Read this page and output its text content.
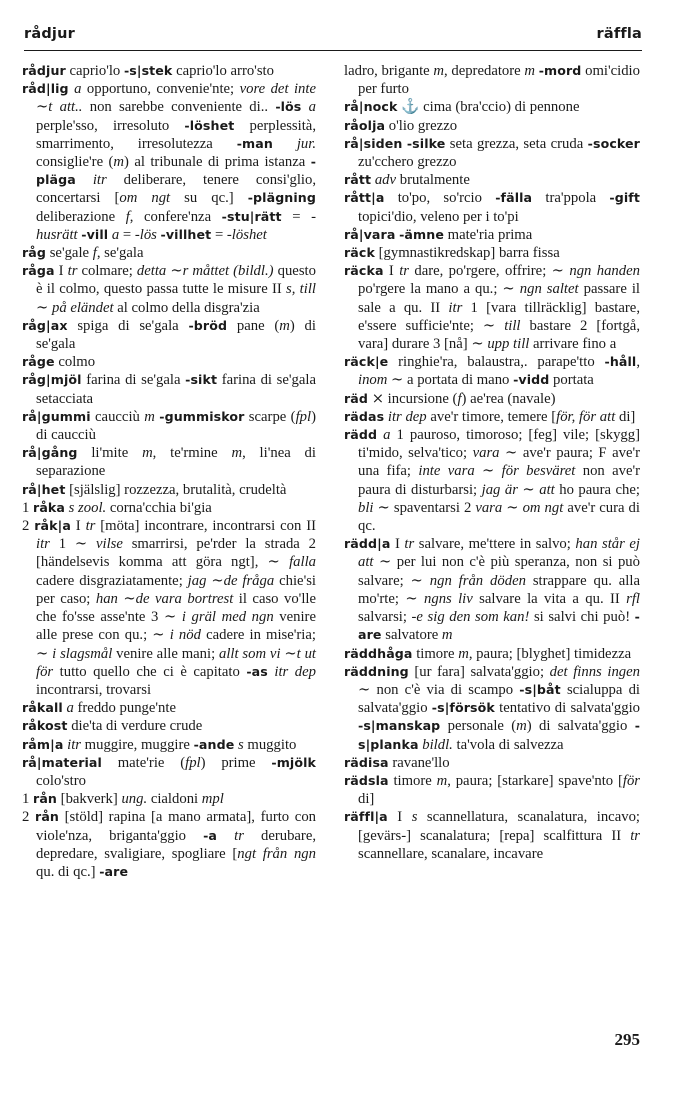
rådjur	räffla

rådjur caprio'lo -s|stek caprio'lo arro'sto

råd|lig a opportuno, convenie'nte; vore det inte ∼t att.. non sarebbe conveniente di.. -lös a perple'sso, irresoluto -löshet perplessità, smarrimento, irresolutezza -man jur. consiglie're (m) al tribunale di prima istanza -pläga itr deliberare, tenere consi'glio, concertarsi [om ngt su qc.] -plägning deliberazione f, confere'nza -stu|rätt = -husrätt -vill a = -lös -villhet = -löshet

råg se'gale f, se'gala

råga I tr colmare; detta ∼r måttet (bildl.) questo è il colmo, questo passa tutte le misure II s, till ∼ på eländet al colmo della disgra'zia

råg|ax spiga di se'gala -bröd pane (m) di se'gala

råge colmo

råg|mjöl farina di se'gala -sikt farina di se'gala setacciata

rå|gummi caucciù m -gummiskor scarpe (fpl) di caucciù

rå|gång li'mite m, te'rmine m, li'nea di separazione

rå|het [själslig] rozzezza, brutalità, crudeltà

1 råka s zool. corna'cchia bi'gia

2 råk|a I tr [möta] incontrare, incontrarsi con II itr 1 ∼ vilse smarrirsi, pe'rder la strada 2 [händelsevis komma att göra ngt], ∼ falla cadere disgraziatamente; jag ∼de fråga chie'si per caso; han ∼de vara bortrest il caso vo'lle che fo'sse asse'nte 3 ∼ i gräl med ngn venire alle prese con qu.; ∼ i nöd cadere in mise'ria; ∼ i slagsmål venire alle mani; allt som vi ∼t ut för tutto quello che ci è capitato -as itr dep incontrarsi, trovarsi

råkall a freddo punge'nte

råkost die'ta di verdure crude

råm|a itr muggire, muggire -ande s muggito

rå|material mate'rie (fpl) prime -mjölk colo'stro

1 rån [bakverk] ung. cialdoni mpl

2 rån [stöld] rapina [a mano armata], furto con viole'nza, briganta'ggio -a tr derubare, depredare, svaligiare, spogliare [ngt från ngn qu. di qc.] -are

ladro, brigante m, depredatore m -mord omi'cidio per furto

rå|nock ⚓ cima (bra'ccio) di pennone

råolja o'lio grezzo

rå|siden -silke seta grezza, seta cruda -socker zu'cchero grezzo

rått adv brutalmente

rått|a to'po, so'rcio -fälla tra'ppola -gift topici'dio, veleno per i to'pi

rå|vara -ämne mate'ria prima

räck [gymnastikredskap] barra fissa

räcka I tr dare, po'rgere, offrire; ∼ ngn handen po'rgere la mano a qu.; ∼ ngn saltet passare il sale a qu. II itr 1 [vara tillräcklig] bastare, e'ssere sufficie'nte; ∼ till bastare 2 [fortgå, vara] durare 3 [nå] ∼ upp till arrivare fino a

räck|e ringhie'ra, balaustra,. parape'tto -håll, inom ∼ a portata di mano -vidd portata

räd ⨯ incursione (f) ae'rea (navale)

rädas itr dep ave'r timore, temere [för, för att di]

rädd a 1 pauroso, timoroso; [feg] vile; [skygg] ti'mido, selva'tico; vara ∼ ave'r paura; F ave'r una fifa; inte vara ∼ för besväret non ave'r paura di disturbarsi; jag är ∼ att ho paura che; bli ∼ spaventarsi 2 vara ∼ om ngt ave'r cura di qc.

rädd|a I tr salvare, me'ttere in salvo; han står ej att ∼ per lui non c'è più speranza, non si può salvare; ∼ ngn från döden strappare qu. alla mo'rte; ∼ ngns liv salvare la vita a qu. II rfl salvarsi; -e sig den som kan! si salvi chi può! -are salvatore m

räddhåga timore m, paura; [blyghet] timidezza

räddning [ur fara] salvata'ggio; det finns ingen ∼ non c'è via di scampo -s|båt scialuppa di salvata'ggio -s|försök tentativo di salvata'ggio -s|manskap personale (m) di salvata'ggio -s|planka bildl. ta'vola di salvezza

rädisa ravane'llo

rädsla timore m, paura; [starkare] spave'nto [för di]

räffl|a I s scannellatura, scanalatura, incavo; [gevärs-] scanalatura; [repa] scalfittura II tr scannellare, scanalare, incavare

295
